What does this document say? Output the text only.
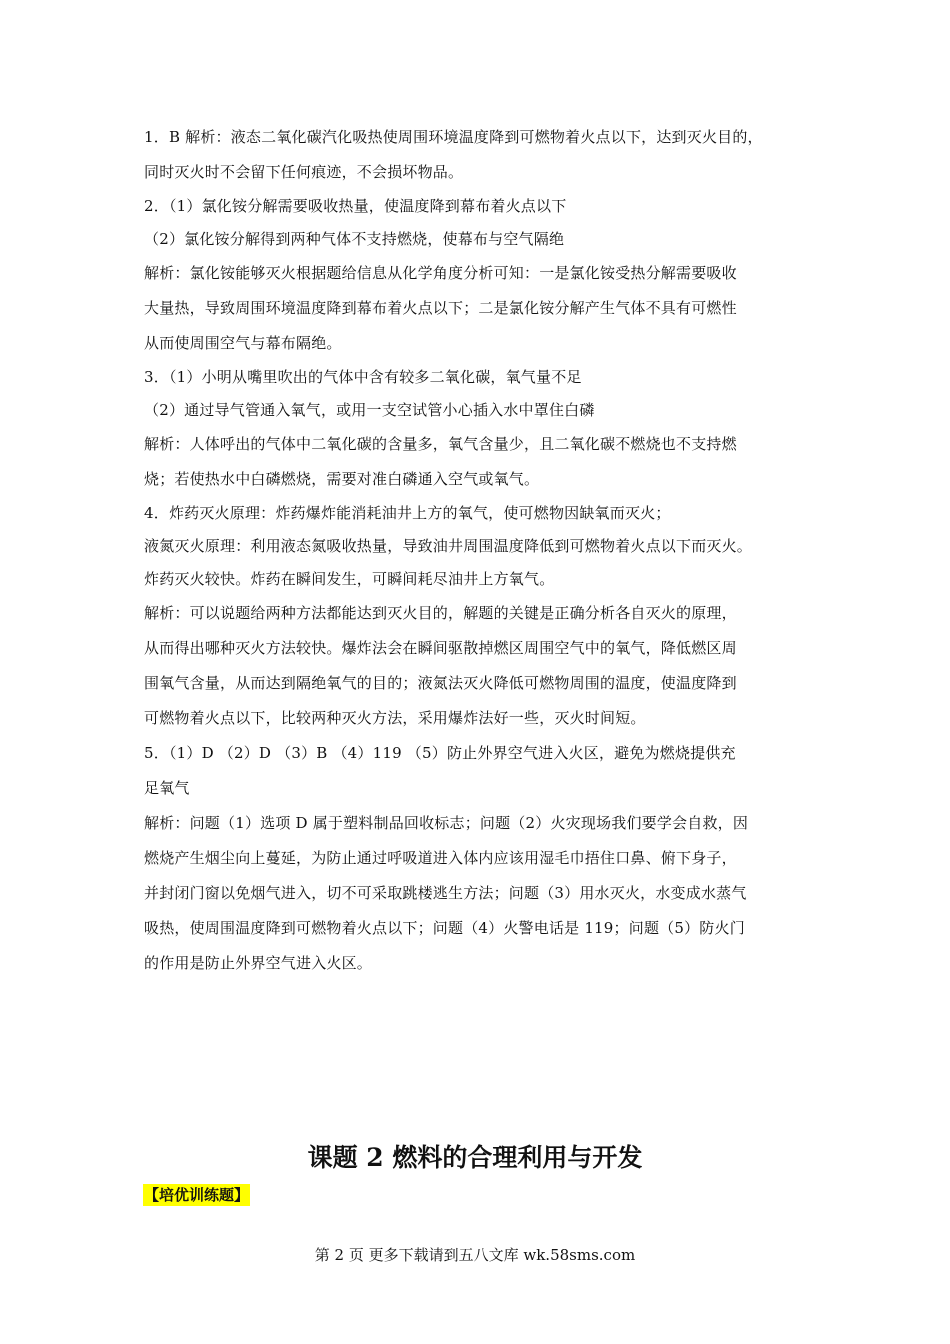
1．B 解析：液态二氧化碳汽化吸热使周围环境温度降到可燃物着火点以下，达到灭火目的，
同时灭火时不会留下任何痕迹，不会损坏物品。
2．（1）氯化铵分解需要吸收热量，使温度降到幕布着火点以下
（2）氯化铵分解得到两种气体不支持燃烧，使幕布与空气隔绝
解析：氯化铵能够灭火根据题给信息从化学角度分析可知：一是氯化铵受热分解需要吸收
大量热，导致周围环境温度降到幕布着火点以下；二是氯化铵分解产生气体不具有可燃性
从而使周围空气与幕布隔绝。
3．（1）小明从嘴里吹出的气体中含有较多二氧化碳，氧气量不足
（2）通过导气管通入氧气，或用一支空试管小心插入水中罩住白磷
解析：人体呼出的气体中二氧化碳的含量多，氧气含量少，且二氧化碳不燃烧也不支持燃
烧；若使热水中白磷燃烧，需要对准白磷通入空气或氧气。
4．炸药灭火原理：炸药爆炸能消耗油井上方的氧气，使可燃物因缺氧而灭火；
液氮灭火原理：利用液态氮吸收热量，导致油井周围温度降低到可燃物着火点以下而灭火。
炸药灭火较快。炸药在瞬间发生，可瞬间耗尽油井上方氧气。
解析：可以说题给两种方法都能达到灭火目的，解题的关键是正确分析各自灭火的原理，
从而得出哪种灭火方法较快。爆炸法会在瞬间驱散掉燃区周围空气中的氧气，降低燃区周
围氧气含量，从而达到隔绝氧气的目的；液氮法灭火降低可燃物周围的温度，使温度降到
可燃物着火点以下，比较两种灭火方法，采用爆炸法好一些，灭火时间短。
5．（1）D （2）D （3）B （4）119 （5）防止外界空气进入火区，避免为燃烧提供充
足氧气
解析：问题（1）选项 D 属于塑料制品回收标志；问题（2）火灾现场我们要学会自救，因
燃烧产生烟尘向上蔓延，为防止通过呼吸道进入体内应该用湿毛巾捂住口鼻、俯下身子，
并封闭门窗以免烟气进入，切不可采取跳楼逃生方法；问题（3）用水灭火，水变成水蒸气
吸热，使周围温度降到可燃物着火点以下；问题（4）火警电话是 119；问题（5）防火门
的作用是防止外界空气进入火区。
课题 2 燃料的合理利用与开发
【培优训练题】
第 2 页 更多下载请到五八文库 wk.58sms.com
